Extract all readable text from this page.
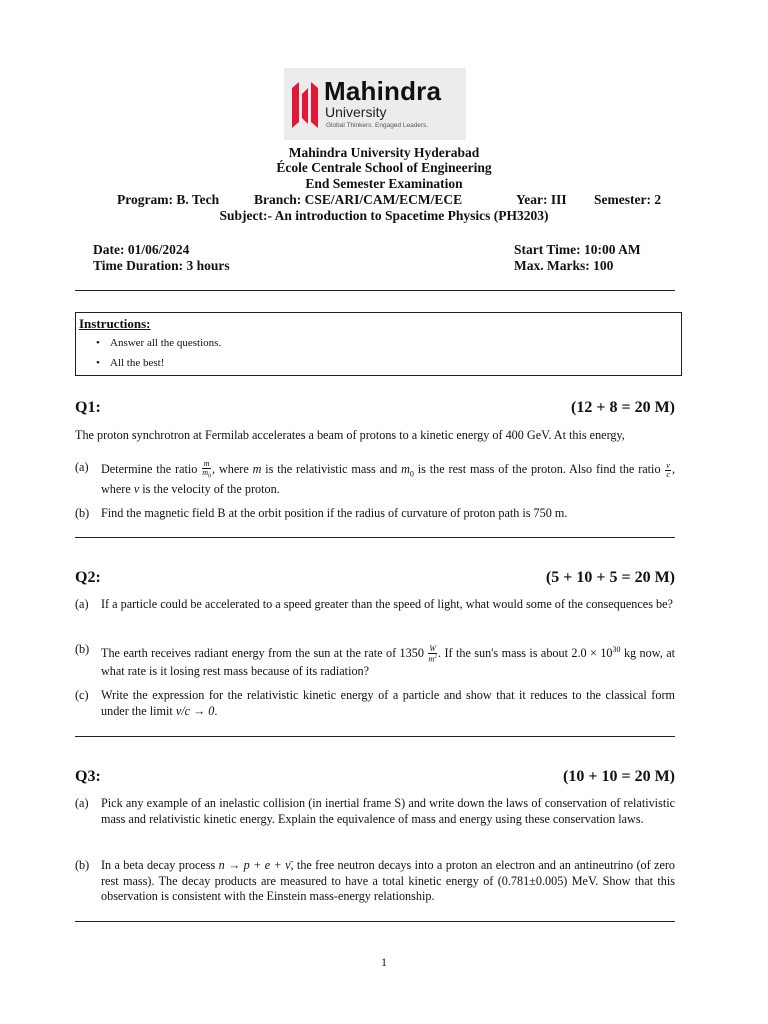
Mahindra
University
Global Thinkers. Engaged Leaders.
Mahindra University Hyderabad
École Centrale School of Engineering
End Semester Examination
Program: B. Tech	Branch: CSE/ARI/CAM/ECM/ECE	Year: III Semester: 2
Subject:- An introduction to Spacetime Physics (PH3203)
Date: 01/06/2024
Time Duration: 3 hours
Start Time: 10:00 AM
Max. Marks: 100
Instructions:
• Answer all the questions.
• All the best!
Q1:	(12 + 8 = 20 M)
The proton synchrotron at Fermilab accelerates a beam of protons to a kinetic energy of 400 GeV. At this energy,
(a)	Determine the ratio $\frac{m}{m_0}$ , where m is the relativistic mass and $m_0$ is the rest mass of the proton. Also find the ratio $\frac{v}{c}$ , where v is the velocity of the proton.
(b) Find the magnetic field B at the orbit position if the radius of curvature of proton path is 750 m.
Q2:	(5 + 10 + 5 = 20 M)
(a)	If a particle could be accelerated to a speed greater than the speed of light, what would some of the consequences be?
(b) The earth receives radiant energy from the sun at the rate of $1350 \frac{W}{m^2}$ . If the sun's mass is about $2.0 \times 10^{30}$ kg now, at what rate is it losing rest mass because of its radiation?
(c)	Write the expression for the relativistic kinetic energy of a particle and show that it reduces to the classical form under the limit v/c → 0.
Q3:	(10 + 10 = 20 M)
(a)	Pick any example of an inelastic collision (in inertial frame S) and write down the laws of conservation of relativistic mass and relativistic kinetic energy. Explain the equivalence of mass and energy using these conservation laws.
(b) In a beta decay process n → p + e + ν̄, the free neutron decays into a proton an electron and an antineutrino (of zero rest mass). The decay products are measured to have a total kinetic energy of (0.781±0.005) MeV. Show that this observation is consistent with the Einstein mass-energy relationship.
1
